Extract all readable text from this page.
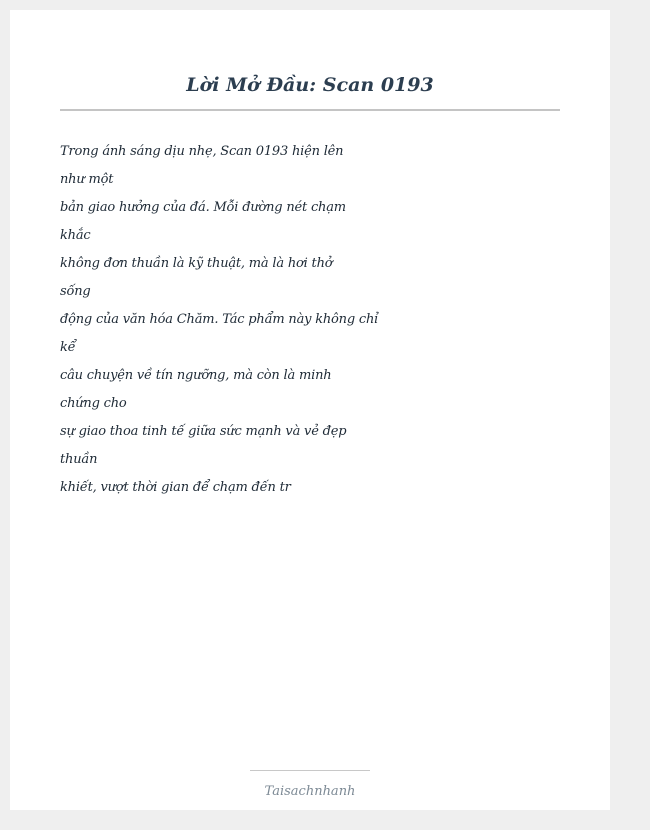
Lời Mở Đầu: Scan 0193
Trong ánh sáng dịu nhẹ, Scan 0193 hiện lên
như một
bản giao hưởng của đá. Mỗi đường nét chạm
khắc
không đơn thuần là kỹ thuật, mà là hơi thở
sống
động của văn hóa Chăm. Tác phẩm này không chỉ
kể
câu chuyện về tín ngưỡng, mà còn là minh
chứng cho
sự giao thoa tinh tế giữa sức mạnh và vẻ đẹp
thuần
khiết, vượt thời gian để chạm đến tr
Taisachnhanh
